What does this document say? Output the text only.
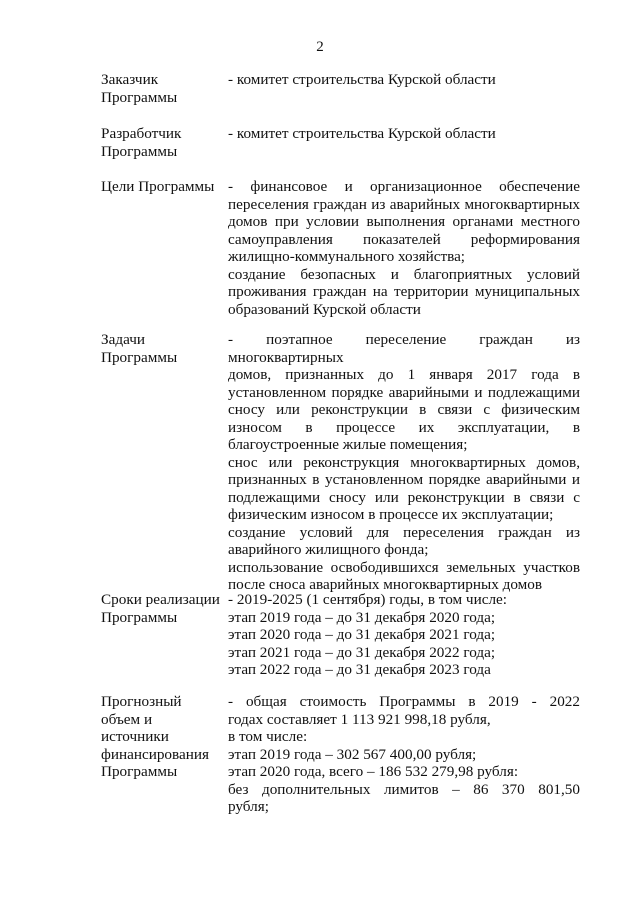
2
Заказчик
Программы
- комитет строительства Курской области
Разработчик
Программы
- комитет строительства Курской области
Цели Программы - финансовое и организационное обеспечение
переселения граждан из аварийных многоквартирных
домов при условии выполнения органами местного
самоуправления показателей реформирования
жилищно-коммунального хозяйства;
создание безопасных и благоприятных условий
проживания граждан на территории муниципальных
образований Курской области
Задачи
Программы
- поэтапное переселение граждан из многоквартирных
домов, признанных до 1 января 2017 года в
установленном порядке аварийными и подлежащими
сносу или реконструкции в связи с физическим
износом в процессе их эксплуатации, в
благоустроенные жилые помещения;
снос или реконструкция многоквартирных домов,
признанных в установленном порядке аварийными и
подлежащими сносу или реконструкции в связи с
физическим износом в процессе их эксплуатации;
создание условий для переселения граждан из
аварийного жилищного фонда;
использование освободившихся земельных участков
после сноса аварийных многоквартирных домов
Сроки реализации
Программы
- 2019-2025 (1 сентября) годы, в том числе:
этап 2019 года – до 31 декабря 2020 года;
этап 2020 года – до 31 декабря 2021 года;
этап 2021 года – до 31 декабря 2022 года;
этап 2022 года – до 31 декабря 2023 года
Прогнозный
объем и
источники
финансирования
Программы
- общая стоимость Программы в 2019 - 2022
годах составляет 1 113 921 998,18 рубля,
в том числе:
этап 2019 года – 302 567 400,00 рубля;
этап 2020 года, всего – 186 532 279,98 рубля:
без дополнительных лимитов – 86 370 801,50
рубля;
